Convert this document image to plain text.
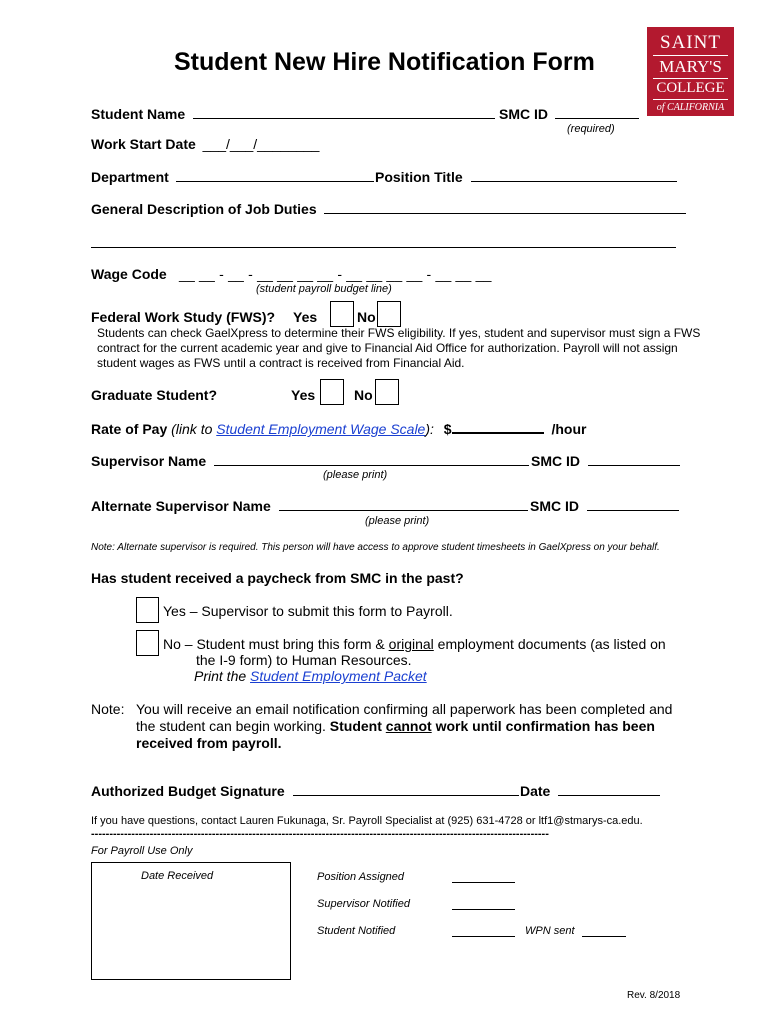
SAINT
MARY'S
COLLEGE
of CALIFORNIA
Student New Hire Notification Form
Student Name	SMC ID
(required)
Work Start Date ___/___/________
Department	Position Title
General Description of Job Duties
Wage Code __ __ - __ - __ __ __ __ - __ __ __ __ - __ __ __
(student payroll budget line)
Federal Work Study (FWS)? Yes	No
Students can check GaelXpress to determine their FWS eligibility. If yes, student and supervisor must sign a FWS contract for the current academic year and give to Financial Aid Office for authorization. Payroll will not assign student wages as FWS until a contract is received from Financial Aid.
Graduate Student?	Yes	No
Rate of Pay (link to Student Employment Wage Scale): $	/hour
Supervisor Name	SMC ID
(please print)
Alternate Supervisor Name	SMC ID
(please print)
Note: Alternate supervisor is required. This person will have access to approve student timesheets in GaelXpress on your behalf.
Has student received a paycheck from SMC in the past?
Yes – Supervisor to submit this form to Payroll.
No – Student must bring this form & original employment documents (as listed on
the I-9 form) to Human Resources.
Print the Student Employment Packet
Note: You will receive an email notification confirming all paperwork has been completed and
the student can begin working. Student cannot work until confirmation has been
received from payroll.
Authorized Budget Signature	Date
If you have questions, contact Lauren Fukunaga, Sr. Payroll Specialist at (925) 631-4728 or ltf1@stmarys-ca.edu.
-----------------------------------------------------------------------------------------------------------------------------
For Payroll Use Only
Date Received	Position Assigned
Supervisor Notified
Student Notified	WPN sent
Rev. 8/2018
